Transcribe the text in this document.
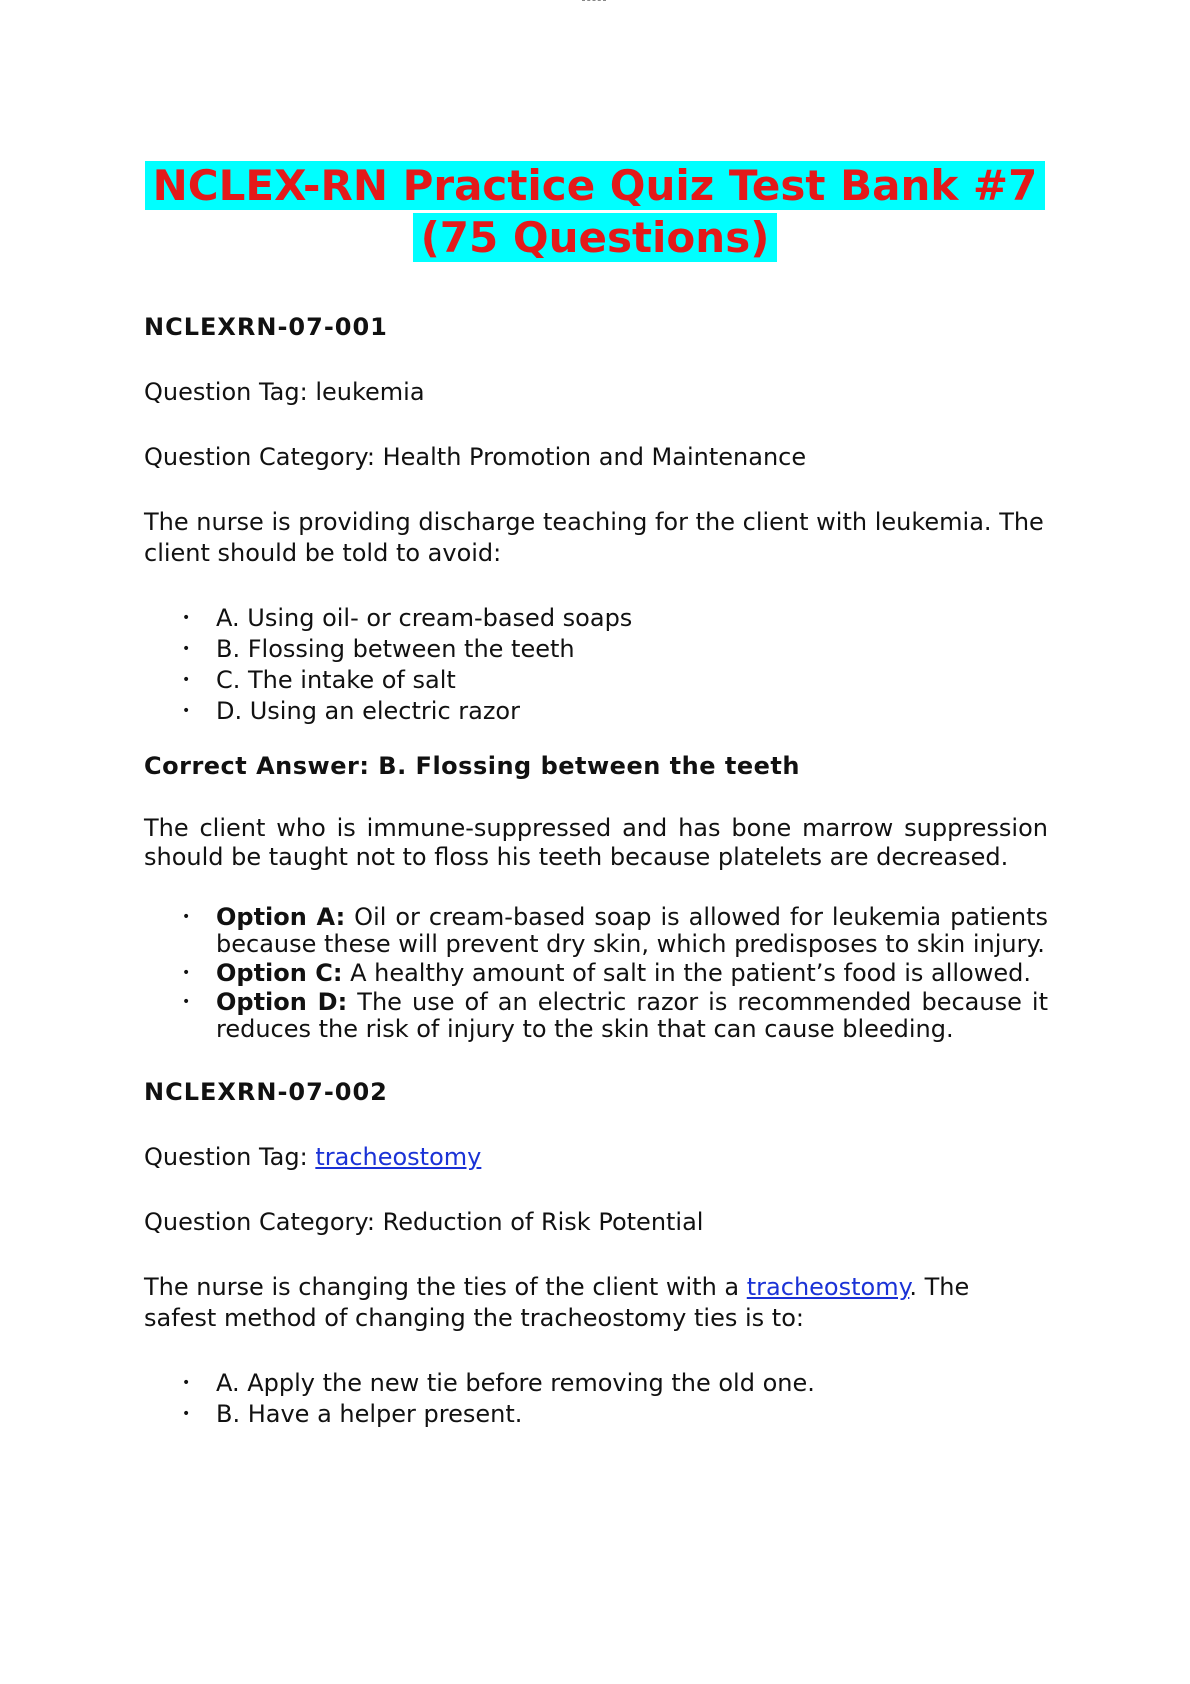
NCLEX-RN Practice Quiz Test Bank #7
(75 Questions)

NCLEXRN-07-001

Question Tag: leukemia

Question Category: Health Promotion and Maintenance

The nurse is providing discharge teaching for the client with leukemia. The client should be told to avoid:

• A. Using oil- or cream-based soaps
• B. Flossing between the teeth
• C. The intake of salt
• D. Using an electric razor

Correct Answer: B. Flossing between the teeth

The client who is immune-suppressed and has bone marrow suppression should be taught not to floss his teeth because platelets are decreased.

• Option A: Oil or cream-based soap is allowed for leukemia patients because these will prevent dry skin, which predisposes to skin injury.
• Option C: A healthy amount of salt in the patient’s food is allowed.
• Option D: The use of an electric razor is recommended because it reduces the risk of injury to the skin that can cause bleeding.

NCLEXRN-07-002

Question Tag: tracheostomy

Question Category: Reduction of Risk Potential

The nurse is changing the ties of the client with a tracheostomy. The safest method of changing the tracheostomy ties is to:

• A. Apply the new tie before removing the old one.
• B. Have a helper present.
